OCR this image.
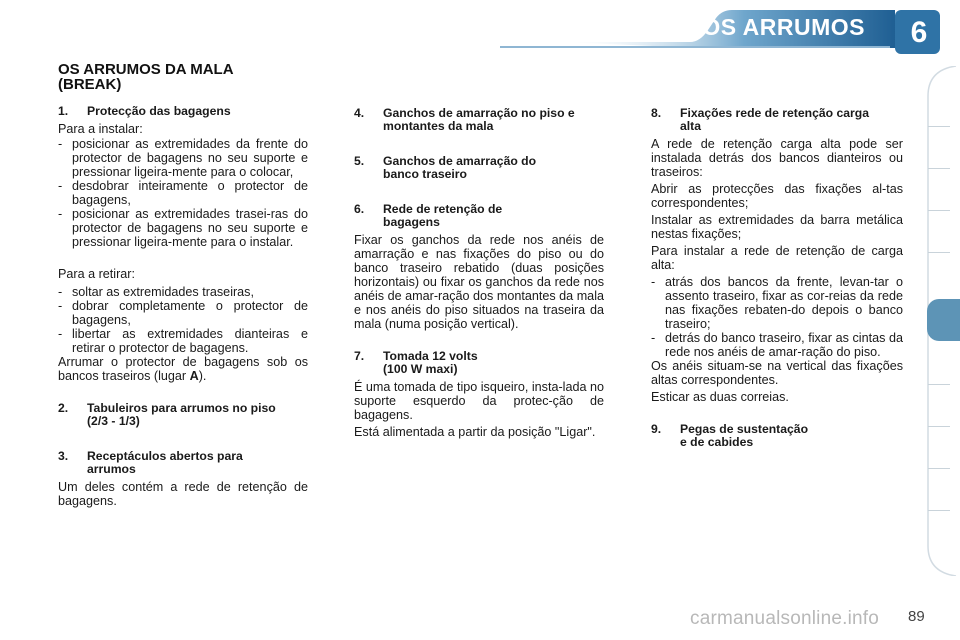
OS ARRUMOS	6
OS ARRUMOS DA MALA (BREAK)
1.	Protecção das bagagens
Para a instalar:
- posicionar as extremidades da frente do protector de bagagens no seu suporte e pressionar ligeira-mente para o colocar,
- desdobrar inteiramente o protector de bagagens,
- posicionar as extremidades trasei-ras do protector de bagagens no seu suporte e pressionar ligeira-mente para o instalar.
Para a retirar:
- soltar as extremidades traseiras,
- dobrar completamente o protector de bagagens,
- libertar as extremidades dianteiras e retirar o protector de bagagens.
Arrumar o protector de bagagens sob os bancos traseiros (lugar A).
2.	Tabuleiros para arrumos no piso (2/3 - 1/3)
3.	Receptáculos abertos para arrumos
Um deles contém a rede de retenção de bagagens.
4.	Ganchos de amarração no piso e montantes da mala
5.	Ganchos de amarração do banco traseiro
6.	Rede de retenção de bagagens
Fixar os ganchos da rede nos anéis de amarração e nas fixações do piso ou do banco traseiro rebatido (duas posições horizontais) ou fixar os ganchos da rede nos anéis de amar-ração dos montantes da mala e nos anéis do piso situados na traseira da mala (numa posição vertical).
7.	Tomada 12 volts
(100 W maxi)
É uma tomada de tipo isqueiro, insta-lada no suporte esquerdo da protec-ção de bagagens.
Está alimentada a partir da posição "Ligar".
8.	Fixações rede de retenção carga alta
A rede de retenção carga alta pode ser instalada detrás dos bancos dianteiros ou traseiros:
Abrir as protecções das fixações al-tas correspondentes;
Instalar as extremidades da barra metálica nestas fixações;
Para instalar a rede de retenção de carga alta:
- atrás dos bancos da frente, levan-tar o assento traseiro, fixar as cor-reias da rede nas fixações rebaten-do depois o banco traseiro;
- detrás do banco traseiro, fixar as cintas da rede nos anéis de amar-ração do piso.
Os anéis situam-se na vertical das fixações altas correspondentes.
Esticar as duas correias.
9.	Pegas de sustentação
e de cabides
carmanualsonline.info 89
